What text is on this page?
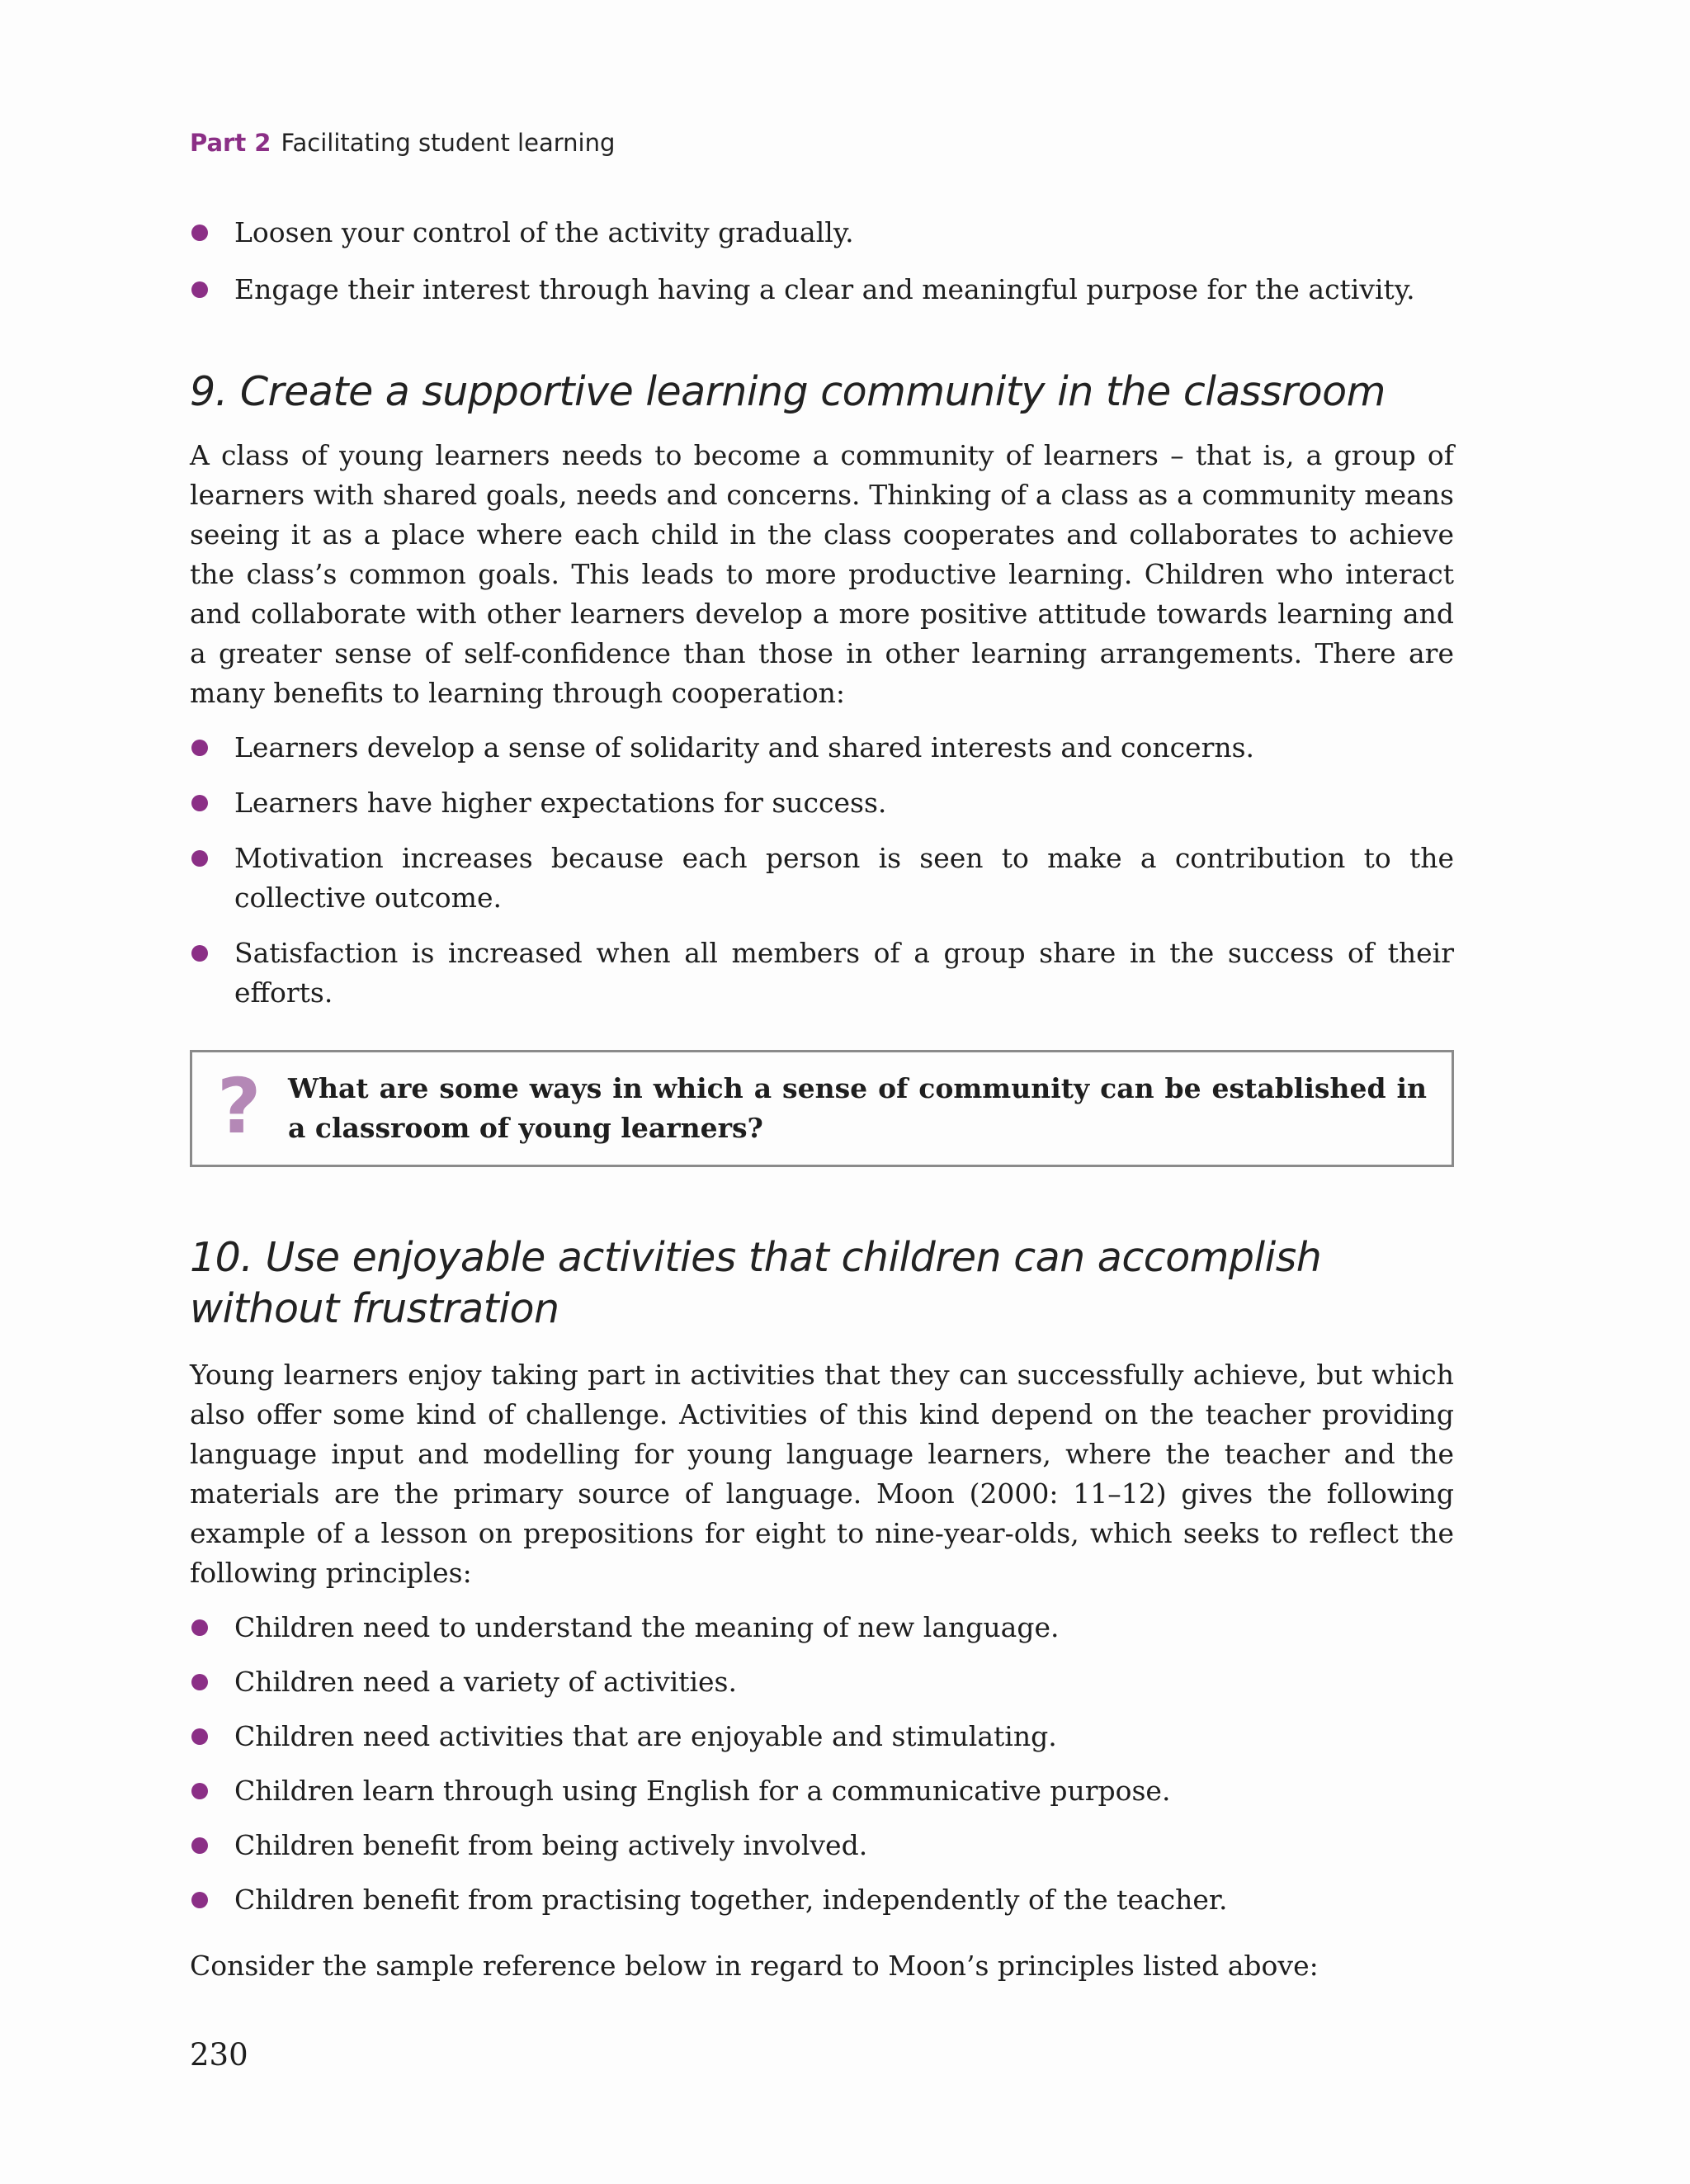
Part 2 Facilitating student learning
Loosen your control of the activity gradually.
Engage their interest through having a clear and meaningful purpose for the activity.
9. Create a supportive learning community in the classroom

A class of young learners needs to become a community of learners – that is, a group of learners with shared goals, needs and concerns. Thinking of a class as a community means seeing it as a place where each child in the class cooperates and collaborates to achieve the class’s common goals. This leads to more productive learning. Children who interact and collaborate with other learners develop a more positive attitude towards learning and a greater sense of self-confidence than those in other learning arrangements. There are many benefits to learning through cooperation:

Learners develop a sense of solidarity and shared interests and concerns.
Learners have higher expectations for success.
Motivation increases because each person is seen to make a contribution to the collective outcome.
Satisfaction is increased when all members of a group share in the success of their efforts.
? What are some ways in which a sense of community can be established in a classroom of young learners?
10. Use enjoyable activities that children can accomplish
without frustration

Young learners enjoy taking part in activities that they can successfully achieve, but which also offer some kind of challenge. Activities of this kind depend on the teacher providing language input and modelling for young language learners, where the teacher and the materials are the primary source of language. Moon (2000: 11–12) gives the following example of a lesson on prepositions for eight to nine-year-olds, which seeks to reflect the following principles:

Children need to understand the meaning of new language.
Children need a variety of activities.
Children need activities that are enjoyable and stimulating.
Children learn through using English for a communicative purpose.
Children benefit from being actively involved.
Children benefit from practising together, independently of the teacher.

Consider the sample reference below in regard to Moon’s principles listed above:

230
